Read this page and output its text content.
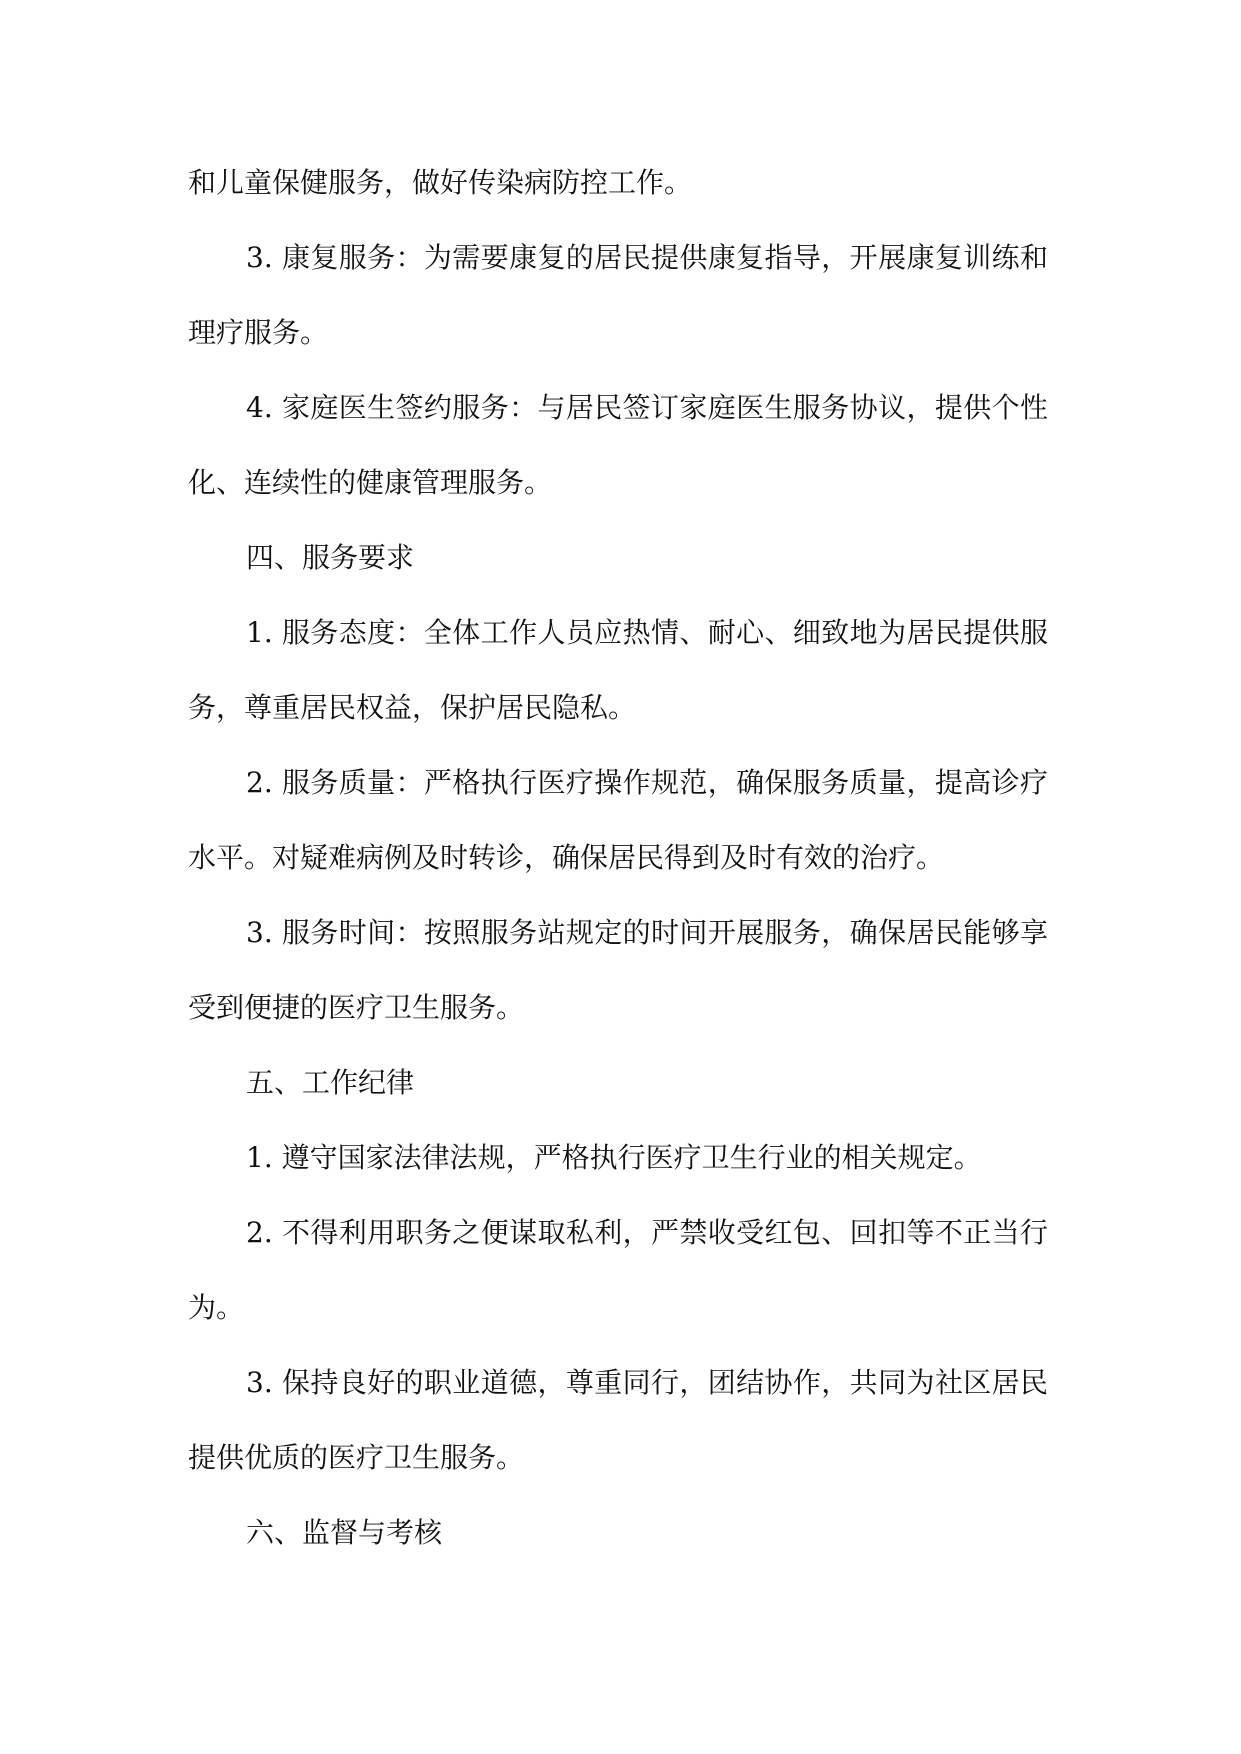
和儿童保健服务，做好传染病防控工作。

3. 康复服务：为需要康复的居民提供康复指导，开展康复训练和理疗服务。

4. 家庭医生签约服务：与居民签订家庭医生服务协议，提供个性化、连续性的健康管理服务。

四、服务要求

1. 服务态度：全体工作人员应热情、耐心、细致地为居民提供服务，尊重居民权益，保护居民隐私。

2. 服务质量：严格执行医疗操作规范，确保服务质量，提高诊疗水平。对疑难病例及时转诊，确保居民得到及时有效的治疗。

3. 服务时间：按照服务站规定的时间开展服务，确保居民能够享受到便捷的医疗卫生服务。

五、工作纪律

1. 遵守国家法律法规，严格执行医疗卫生行业的相关规定。

2. 不得利用职务之便谋取私利，严禁收受红包、回扣等不正当行为。

3. 保持良好的职业道德，尊重同行，团结协作，共同为社区居民提供优质的医疗卫生服务。

六、监督与考核
